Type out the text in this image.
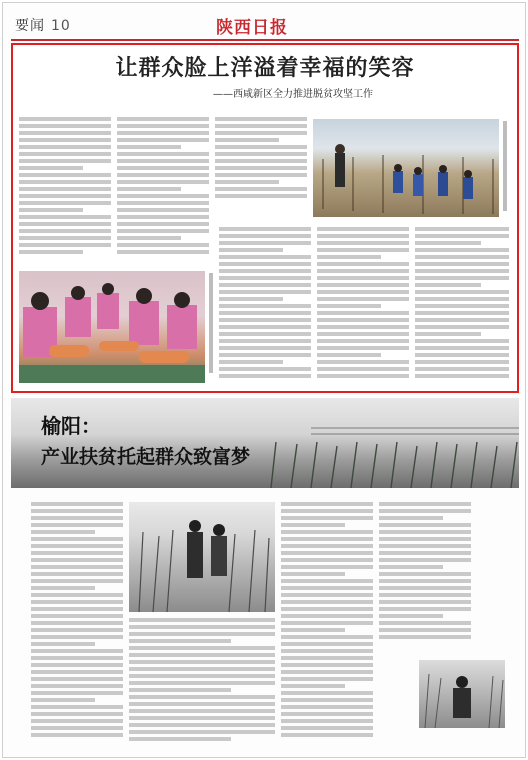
要闻 10	陕西日报
让群众脸上洋溢着幸福的笑容
——西咸新区全力推进脱贫攻坚工作
榆阳：
产业扶贫托起群众致富梦
